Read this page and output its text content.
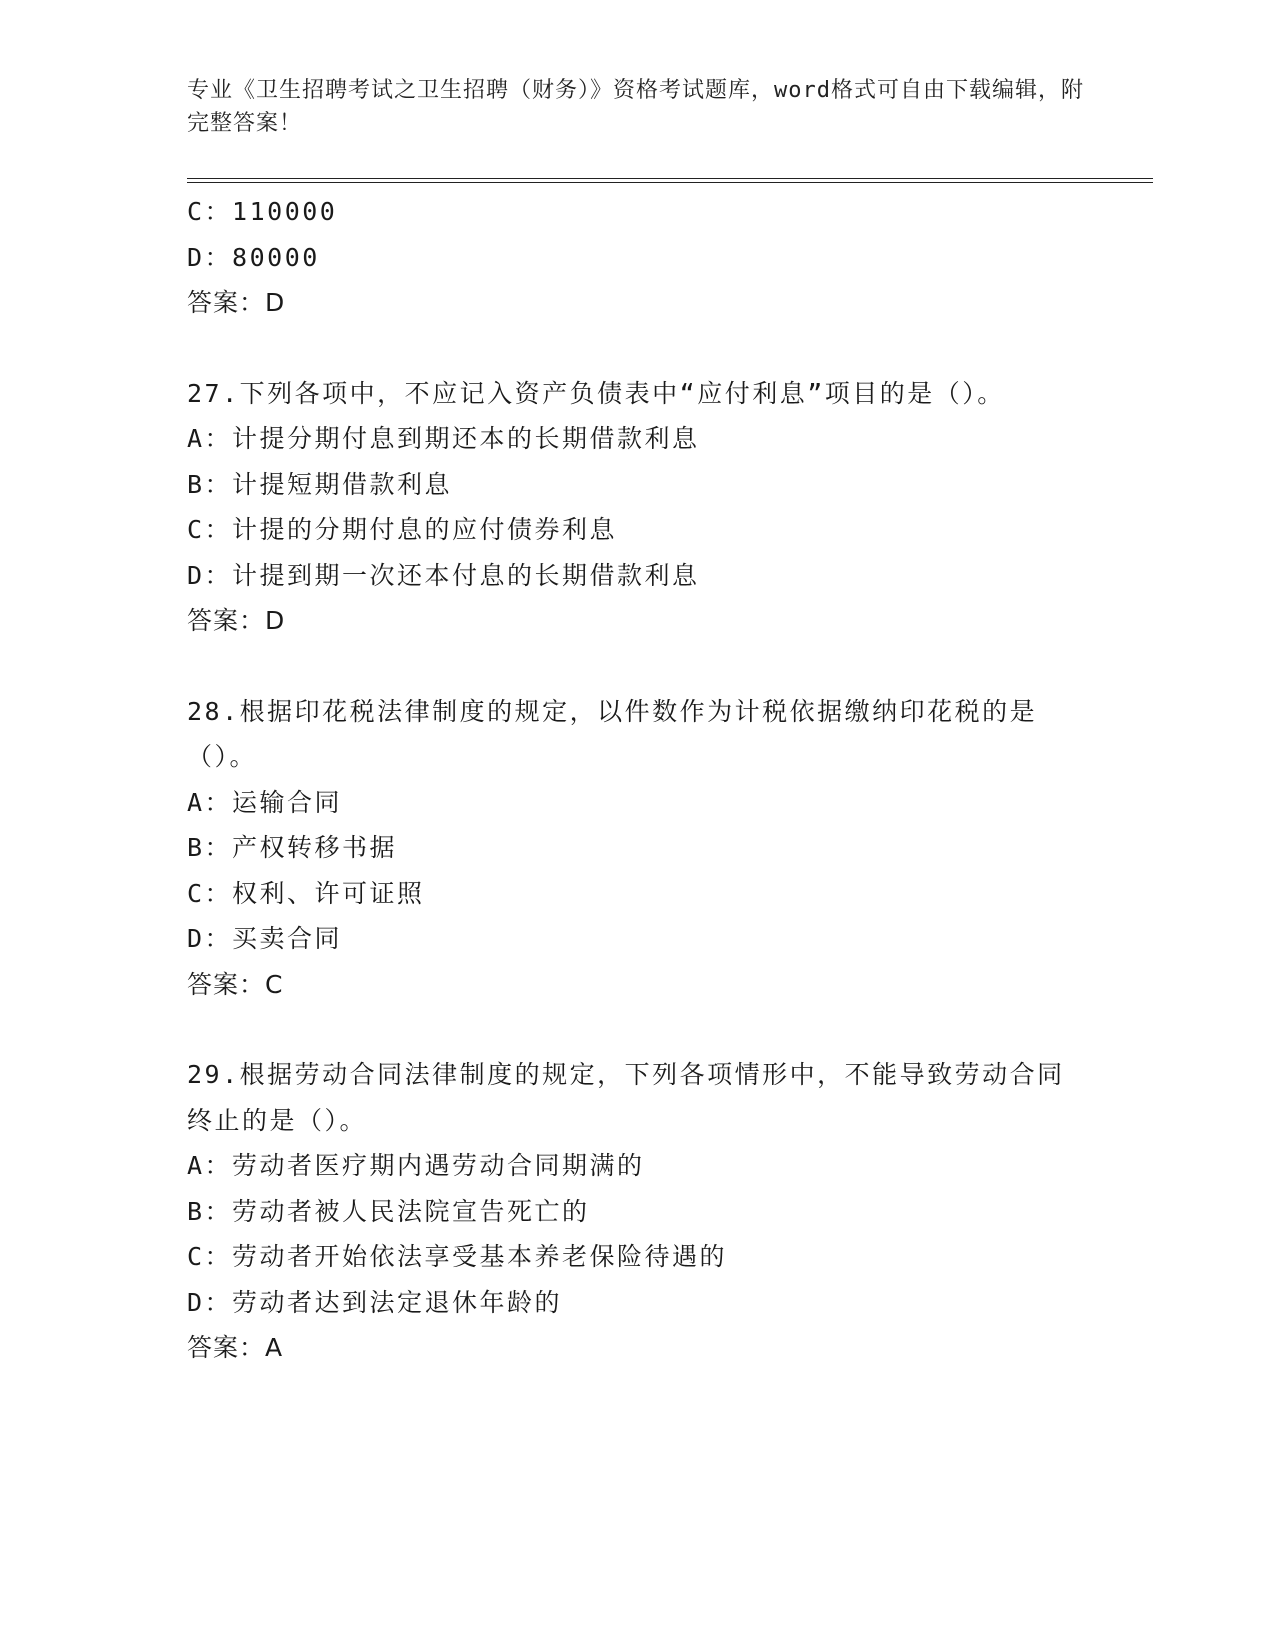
专业《卫生招聘考试之卫生招聘（财务）》资格考试题库，word格式可自由下载编辑，附完整答案！
C：110000
D：80000
答案：D
27.下列各项中，不应记入资产负债表中“应付利息”项目的是（）。
A：计提分期付息到期还本的长期借款利息
B：计提短期借款利息
C：计提的分期付息的应付债券利息
D：计提到期一次还本付息的长期借款利息
答案：D
28.根据印花税法律制度的规定，以件数作为计税依据缴纳印花税的是（）。
A：运输合同
B：产权转移书据
C：权利、许可证照
D：买卖合同
答案：C
29.根据劳动合同法律制度的规定，下列各项情形中，不能导致劳动合同终止的是（）。
A：劳动者医疗期内遇劳动合同期满的
B：劳动者被人民法院宣告死亡的
C：劳动者开始依法享受基本养老保险待遇的
D：劳动者达到法定退休年龄的
答案：A
